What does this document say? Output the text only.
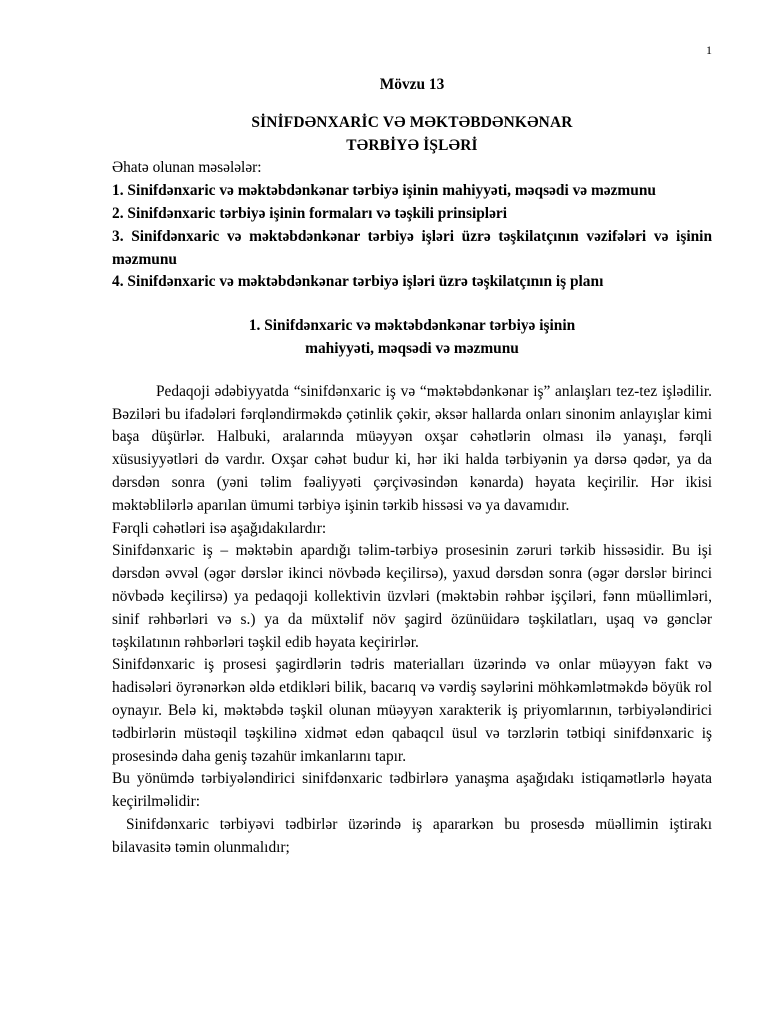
1
Mövzu 13
SİNİFDƏNXARİC VƏ MƏKTƏBDƏNKƏNAR
TƏRBİYƏ İŞLƏRİ

Əhatə olunan məsələlər:

1. Sinifdənxaric və məktəbdənkənar tərbiyə işinin mahiyyəti, məqsədi və məzmunu

2. Sinifdənxaric tərbiyə işinin formaları və təşkili prinsipləri

3. Sinifdənxaric və məktəbdənkənar tərbiyə işləri üzrə təşkilatçının vəzifələri və işinin məzmunu

4. Sinifdənxaric və məktəbdənkənar tərbiyə işləri üzrə təşkilatçının iş planı

1. Sinifdənxaric və məktəbdənkənar tərbiyə işinin
mahiyyəti, məqsədi və məzmunu

Pedaqoji ədəbiyyatda “sinifdənxaric iş və “məktəbdənkənar iş” anlaışları tez-tez işlədilir. Bəziləri bu ifadələri fərqləndirməkdə çətinlik çəkir, əksər hallarda onları sinonim anlayışlar kimi başa düşürlər. Halbuki, aralarında müəyyən oxşar cəhətlərin olması ilə yanaşı, fərqli xüsusiyyətləri də vardır. Oxşar cəhət budur ki, hər iki halda tərbiyənin ya dərsə qədər, ya da dərsdən sonra (yəni təlim fəaliyyəti çərçivəsindən kənarda) həyata keçirilir. Hər ikisi məktəblilərlə aparılan ümumi tərbiyə işinin tərkib hissəsi və ya davamıdır.

Fərqli cəhətləri isə aşağıdakılardır:

Sinifdənxaric iş – məktəbin apardığı təlim-tərbiyə prosesinin zəruri tərkib hissəsidir. Bu işi dərsdən əvvəl (əgər dərslər ikinci növbədə keçilirsə), yaxud dərsdən sonra (əgər dərslər birinci növbədə keçilirsə) ya pedaqoji kollektivin üzvləri (məktəbin rəhbər işçiləri, fənn müəllimləri, sinif rəhbərləri və s.) ya da müxtəlif növ şagird özünüidarə təşkilatları, uşaq və gənclər təşkilatının rəhbərləri təşkil edib həyata keçirirlər.

Sinifdənxaric iş prosesi şagirdlərin tədris materialları üzərində və onlar müəyyən fakt və hadisələri öyrənərkən əldə etdikləri bilik, bacarıq və vərdiş səylərini möhkəmlətməkdə böyük rol oynayır. Belə ki, məktəbdə təşkil olunan müəyyən xarakterik iş priyomlarının, tərbiyələndirici tədbirlərin müstəqil təşkilinə xidmət edən qabaqcıl üsul və tərzlərin tətbiqi sinifdənxaric iş prosesində daha geniş təzahür imkanlarını tapır.

Bu yönümdə tərbiyələndirici sinifdənxaric tədbirlərə yanaşma aşağıdakı istiqamətlərlə həyata keçirilməlidir:

Sinifdənxaric tərbiyəvi tədbirlər üzərində iş apararkən bu prosesdə müəllimin iştirakı bilavasitə təmin olunmalıdır;
